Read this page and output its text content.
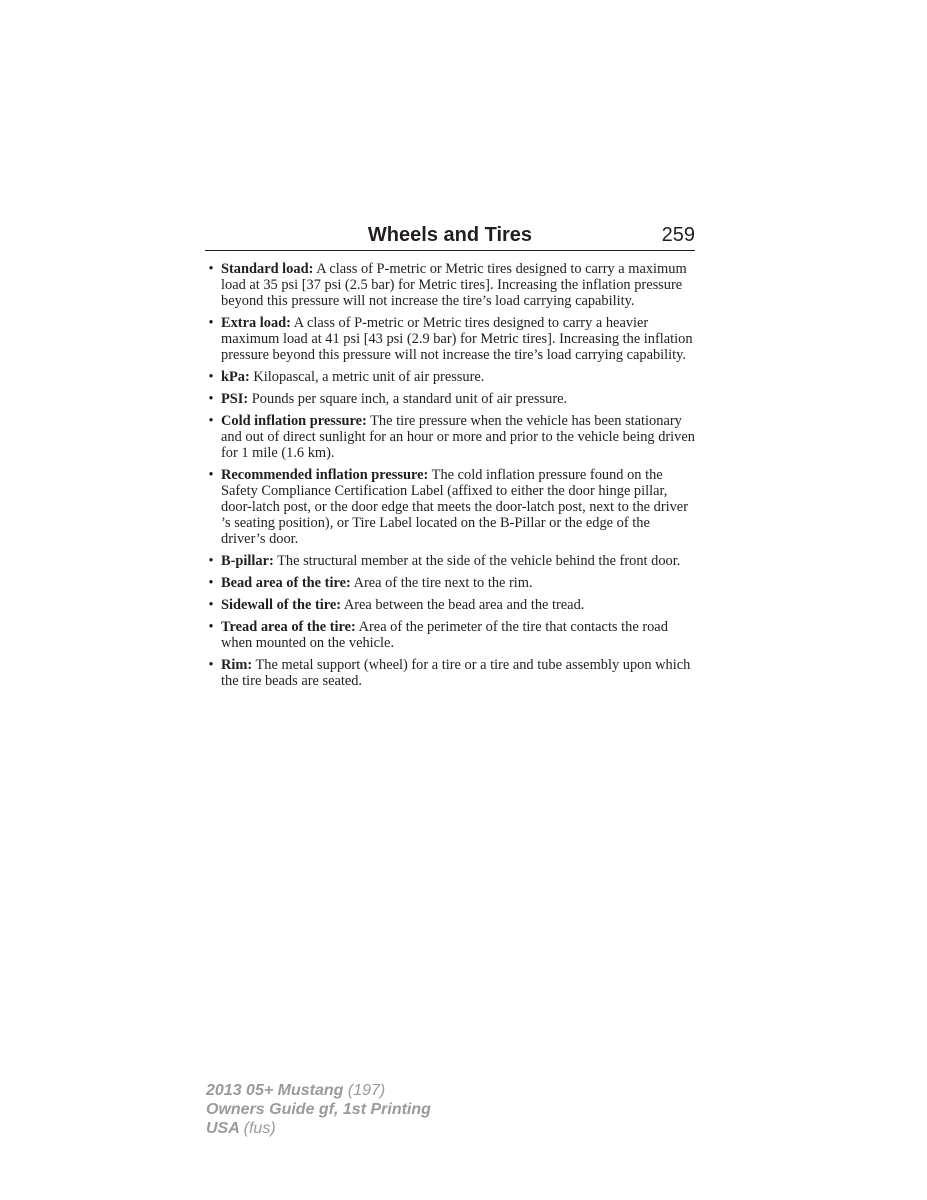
Wheels and Tires	259
• Standard load: A class of P-metric or Metric tires designed to carry a maximum load at 35 psi [37 psi (2.5 bar) for Metric tires]. Increasing the inflation pressure beyond this pressure will not increase the tire’s load carrying capability.
• Extra load: A class of P-metric or Metric tires designed to carry a heavier maximum load at 41 psi [43 psi (2.9 bar) for Metric tires]. Increasing the inflation pressure beyond this pressure will not increase the tire’s load carrying capability.
• kPa: Kilopascal, a metric unit of air pressure.
• PSI: Pounds per square inch, a standard unit of air pressure.
• Cold inflation pressure: The tire pressure when the vehicle has been stationary and out of direct sunlight for an hour or more and prior to the vehicle being driven for 1 mile (1.6 km).
• Recommended inflation pressure: The cold inflation pressure found on the Safety Compliance Certification Label (affixed to either the door hinge pillar, door-latch post, or the door edge that meets the door-latch post, next to the driver ’s seating position), or Tire Label located on the B-Pillar or the edge of the driver’s door.
• B-pillar: The structural member at the side of the vehicle behind the front door.
• Bead area of the tire: Area of the tire next to the rim.
• Sidewall of the tire: Area between the bead area and the tread.
• Tread area of the tire: Area of the perimeter of the tire that contacts the road when mounted on the vehicle.
• Rim: The metal support (wheel) for a tire or a tire and tube assembly upon which the tire beads are seated.
2013 05+ Mustang (197)
Owners Guide gf, 1st Printing
USA (fus)
